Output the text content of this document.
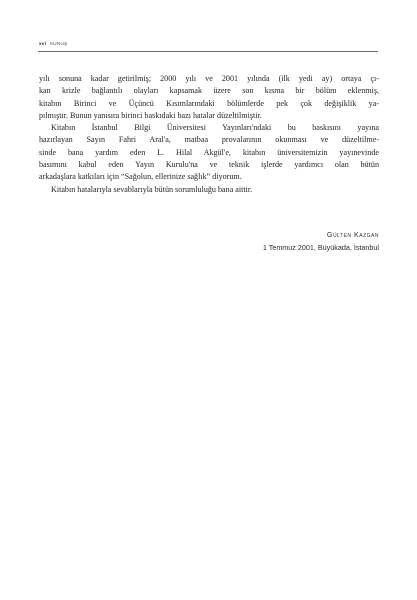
xvi SUNUŞ

yılı sonuna kadar getirilmiş; 2000 yılı ve 2001 yılında (ilk yedi ay) ortaya çı-
kan krizle bağlantılı olayları kapsamak üzere son kısma bir bölüm eklenmiş,
kitabın Birinci ve Üçüncü Kısımlarındaki bölümlerde pek çok değişiklik ya-
pılmıştır. Bunun yanısıra birinci baskıdaki bazı hatalar düzeltilmiştir.

Kitabın İstanbul Bilgi Üniversitesi Yayınları'ndaki bu baskısını yayına
hazırlayan Sayın Fahri Aral'a, matbaa provalarının okunması ve düzeltilme-
sinde bana yardım eden L. Hilal Akgül'e, kitabın üniversitemizin yayınevinde
basımını kabul eden Yayın Kurulu'na ve teknik işlerde yardımcı olan bütün
arkadaşlara katkıları için “Sağolun, ellerinize sağlık” diyorum.

Kitabın hatalarıyla sevablarıyla bütün sorumluluğu bana aittir.

Gülten Kazgan
1 Temmuz 2001, Büyükada, İstanbul
